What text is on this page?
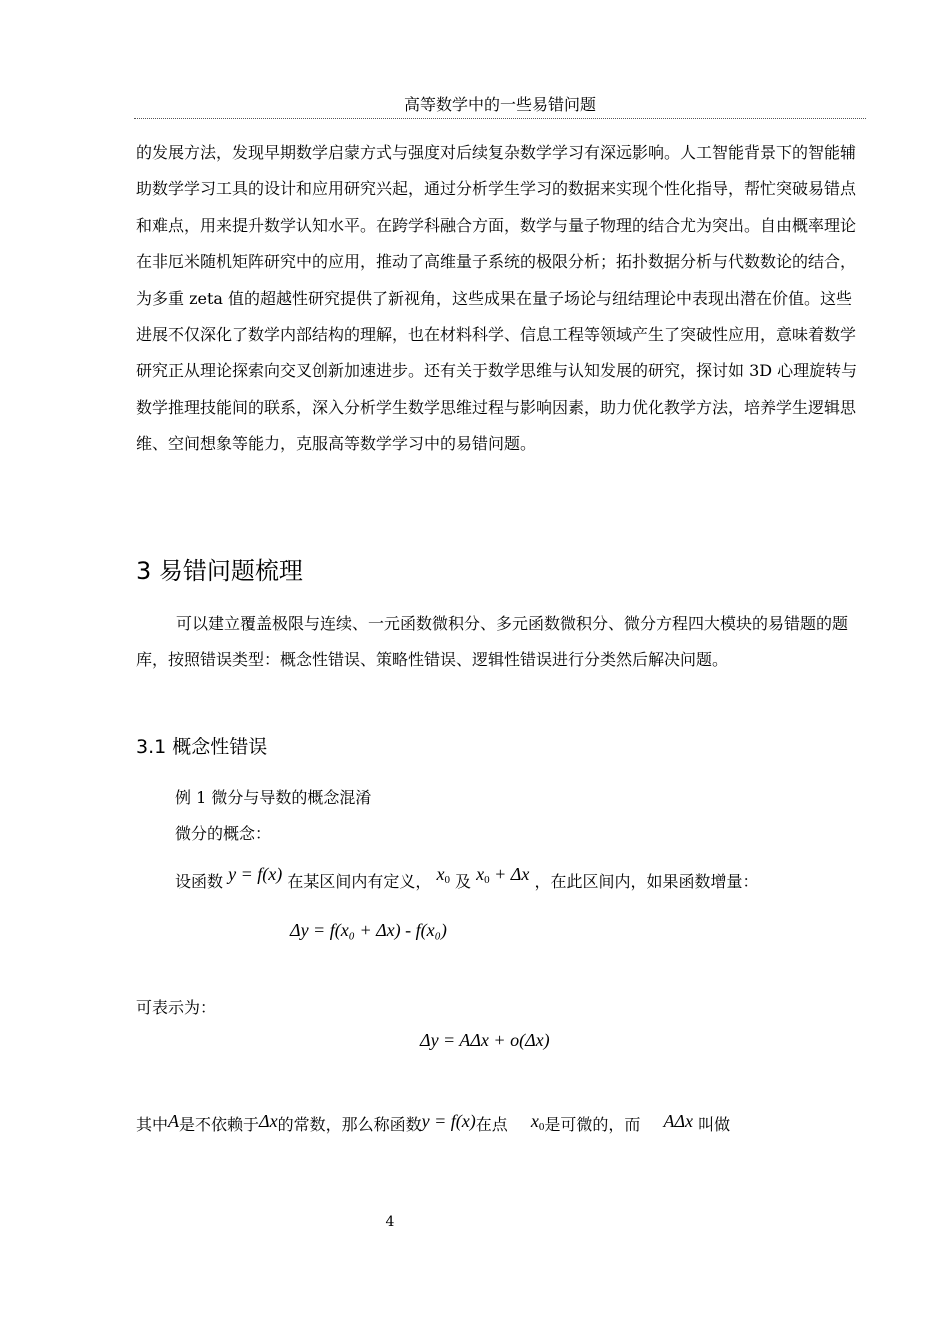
高等数学中的一些易错问题

的发展方法，发现早期数学启蒙方式与强度对后续复杂数学学习有深远影响。人工智能背景下的智能辅助数学学习工具的设计和应用研究兴起，通过分析学生学习的数据来实现个性化指导，帮忙突破易错点和难点，用来提升数学认知水平。在跨学科融合方面，数学与量子物理的结合尤为突出。自由概率理论在非厄米随机矩阵研究中的应用，推动了高维量子系统的极限分析；拓扑数据分析与代数数论的结合，为多重 zeta 值的超越性研究提供了新视角，这些成果在量子场论与纽结理论中表现出潜在价值。这些进展不仅深化了数学内部结构的理解，也在材料科学、信息工程等领域产生了突破性应用，意味着数学研究正从理论探索向交叉创新加速进步。还有关于数学思维与认知发展的研究，探讨如 3D 心理旋转与数学推理技能间的联系，深入分析学生数学思维过程与影响因素，助力优化教学方法，培养学生逻辑思维、空间想象等能力，克服高等数学学习中的易错问题。

3 易错问题梳理

可以建立覆盖极限与连续、一元函数微积分、多元函数微积分、微分方程四大模块的易错题的题库，按照错误类型：概念性错误、策略性错误、逻辑性错误进行分类然后解决问题。

3.1 概念性错误
例 1 微分与导数的概念混淆
微分的概念：
设函数 y = f(x) 在某区间内有定义， $x_0$ 及 $x_0 + \Delta x$ ，在此区间内，如果函数增量：
Δy = f(x₀ + Δx) - f(x₀)
可表示为：
Δy = AΔx + o(Δx)
其中A是不依赖于Δx的常数，那么称函数y = f(x)在点 $x_0$是可微的，而 AΔx 叫做
4
